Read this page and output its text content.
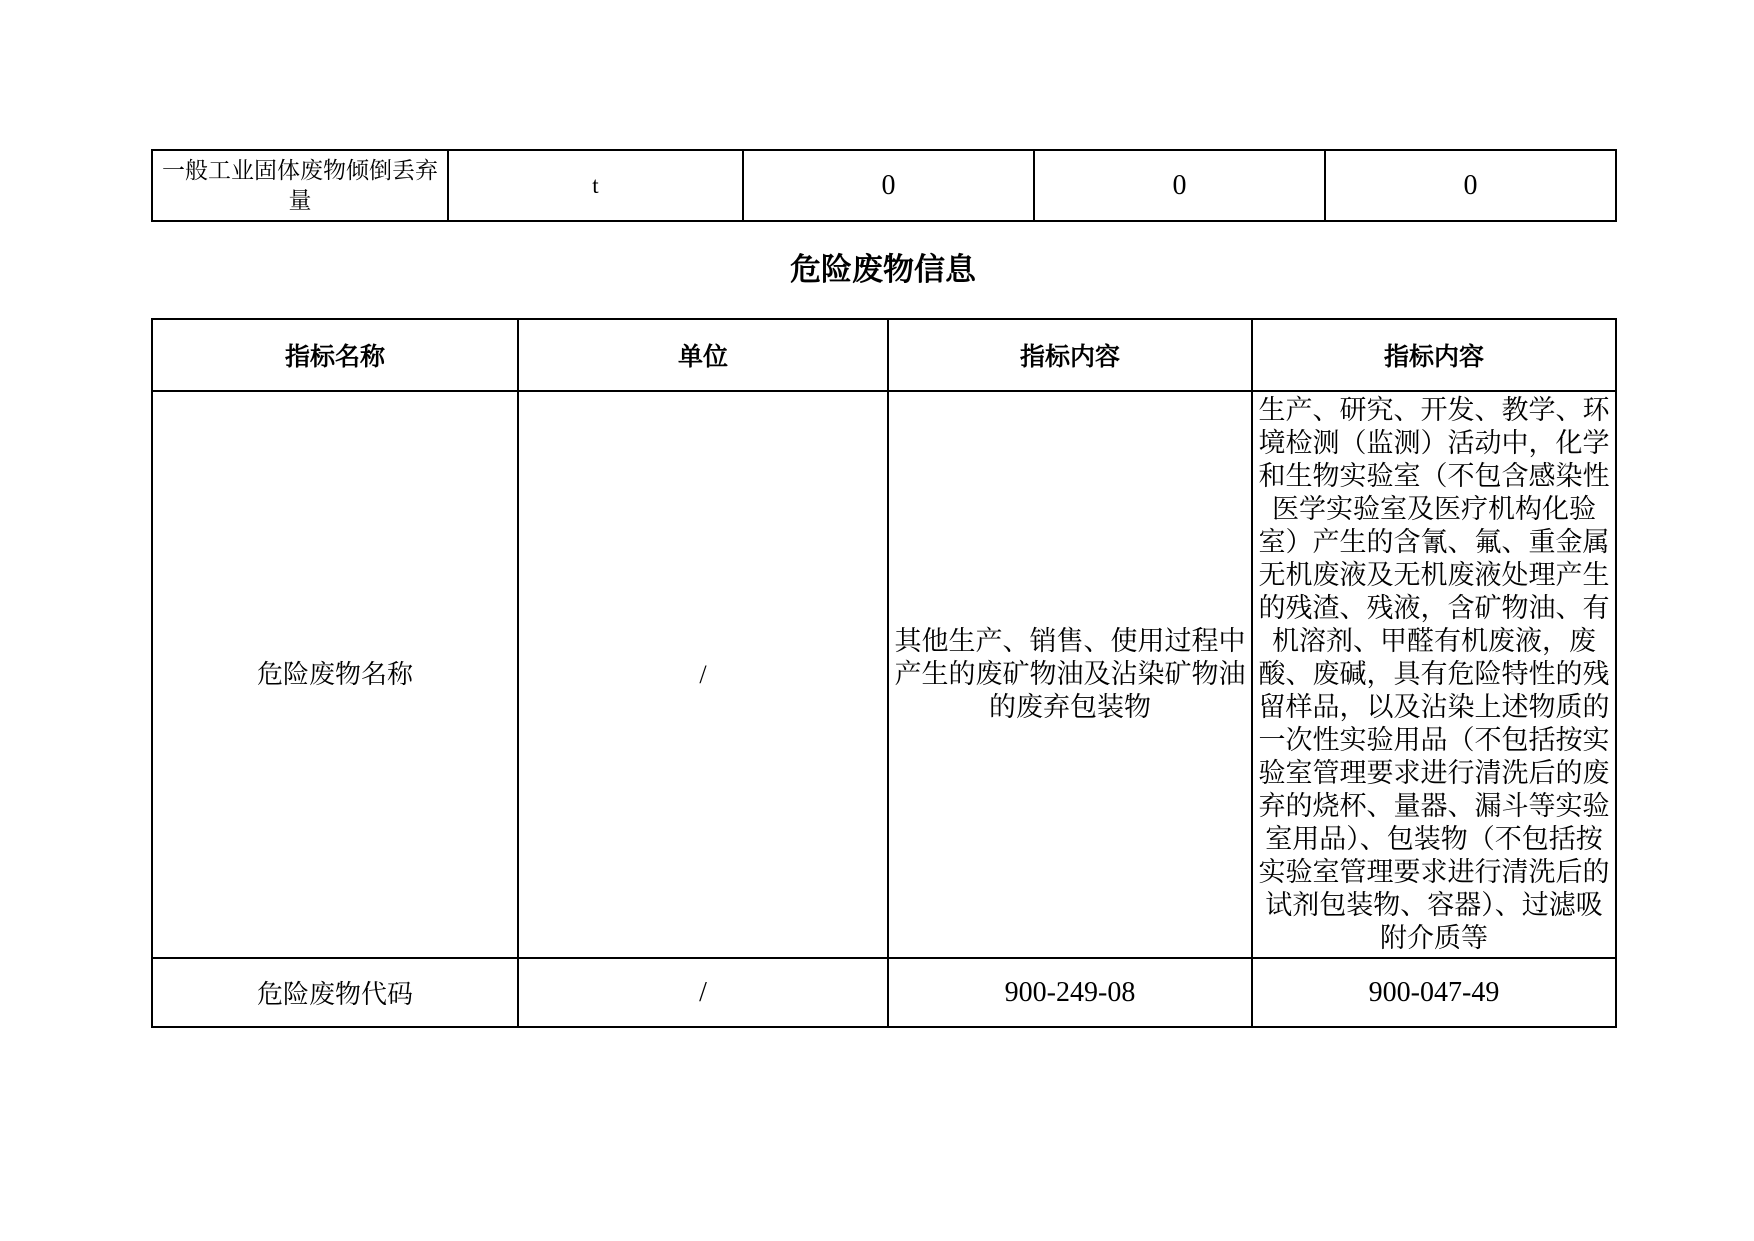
一般工业固体废物倾倒丢弃量	t	0	0	0
危险废物信息
指标名称	单位	指标内容	指标内容
危险废物名称	/	其他生产、销售、使用过程中产生的废矿物油及沾染矿物油的废弃包装物	生产、研究、开发、教学、环境检测（监测）活动中，化学和生物实验室（不包含感染性医学实验室及医疗机构化验室）产生的含氰、氟、重金属无机废液及无机废液处理产生的残渣、残液，含矿物油、有机溶剂、甲醛有机废液，废酸、废碱，具有危险特性的残留样品，以及沾染上述物质的一次性实验用品（不包括按实验室管理要求进行清洗后的废弃的烧杯、量器、漏斗等实验室用品）、包装物（不包括按实验室管理要求进行清洗后的试剂包装物、容器）、过滤吸附介质等
危险废物代码	/	900-249-08	900-047-49
